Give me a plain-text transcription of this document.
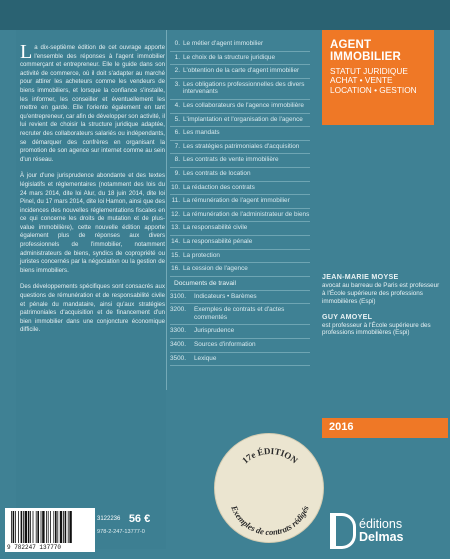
La dix-septième édition de cet ouvrage apporte l'ensemble des réponses à l'agent immobilier commerçant et entrepreneur. Elle le guide dans son activité de commerce, où il doit s'adapter au marché pour attirer les acheteurs comme les vendeurs de biens immobiliers, et lorsque la confiance s'installe, les informer, les conseiller et éventuellement les mettre en garde. Elle l'oriente également en tant qu'entrepreneur, car afin de développer son activité, il lui revient de choisir la structure juridique adaptée, recruter des collaborateurs salariés ou indépendants, se démarquer des confrères en organisant la promotion de son agence sur internet comme au sein d'un réseau.

À jour d'une jurisprudence abondante et des textes législatifs et réglementaires (notamment des lois du 24 mars 2014, dite loi Alur, du 18 juin 2014, dite loi Pinel, du 17 mars 2014, dite loi Hamon, ainsi que des incidences des nouvelles réglementations fiscales en ce qui concerne les droits de mutation et de plus-value immobilière), cette nouvelle édition apporte également plus de réponses aux divers professionnels de l'immobilier, notamment administrateurs de biens, syndics de copropriété ou juristes concernés par la négociation ou la gestion de biens immobiliers.

Des développements spécifiques sont consacrés aux questions de rémunération et de responsabilité civile et pénale du mandataire, ainsi qu'aux stratégies patrimoniales d'acquisition et de financement d'un bien immobilier dans une conjoncture économique difficile.

0. Le métier d'agent immobilier
1. Le choix de la structure juridique
2. L'obtention de la carte d'agent immobilier
3. Les obligations professionnelles des divers intervenants
4. Les collaborateurs de l'agence immobilière
5. L'implantation et l'organisation de l'agence
6. Les mandats
7. Les stratégies patrimoniales d'acquisition
8. Les contrats de vente immobilière
9. Les contrats de location
10. La rédaction des contrats
11. La rémunération de l'agent immobilier
12. La rémunération de l'administrateur de biens
13. La responsabilité civile
14. La responsabilité pénale
15. La protection
16. La cession de l'agence
Documents de travail
3100.	Indicateurs • Barèmes
3200.	Exemples de contrats et d'actes commentés
3300.	Jurisprudence
3400.	Sources d'information
3500.	Lexique
AGENT
IMMOBILIER
STATUT JURIDIQUE
ACHAT • VENTE
LOCATION • GESTION
JEAN-MARIE MOYSE
avocat au barreau de Paris est professeur à l'École supérieure des professions immobilières (Espi)
GUY AMOYEL
est professeur à l'École supérieure des professions immobilières (Espi)
2016
17e ÉDITION
Exemples de contrats rédigés
9 782247 137770
3122236 56 €
978-2-247-13777-0
éditions
Delmas
